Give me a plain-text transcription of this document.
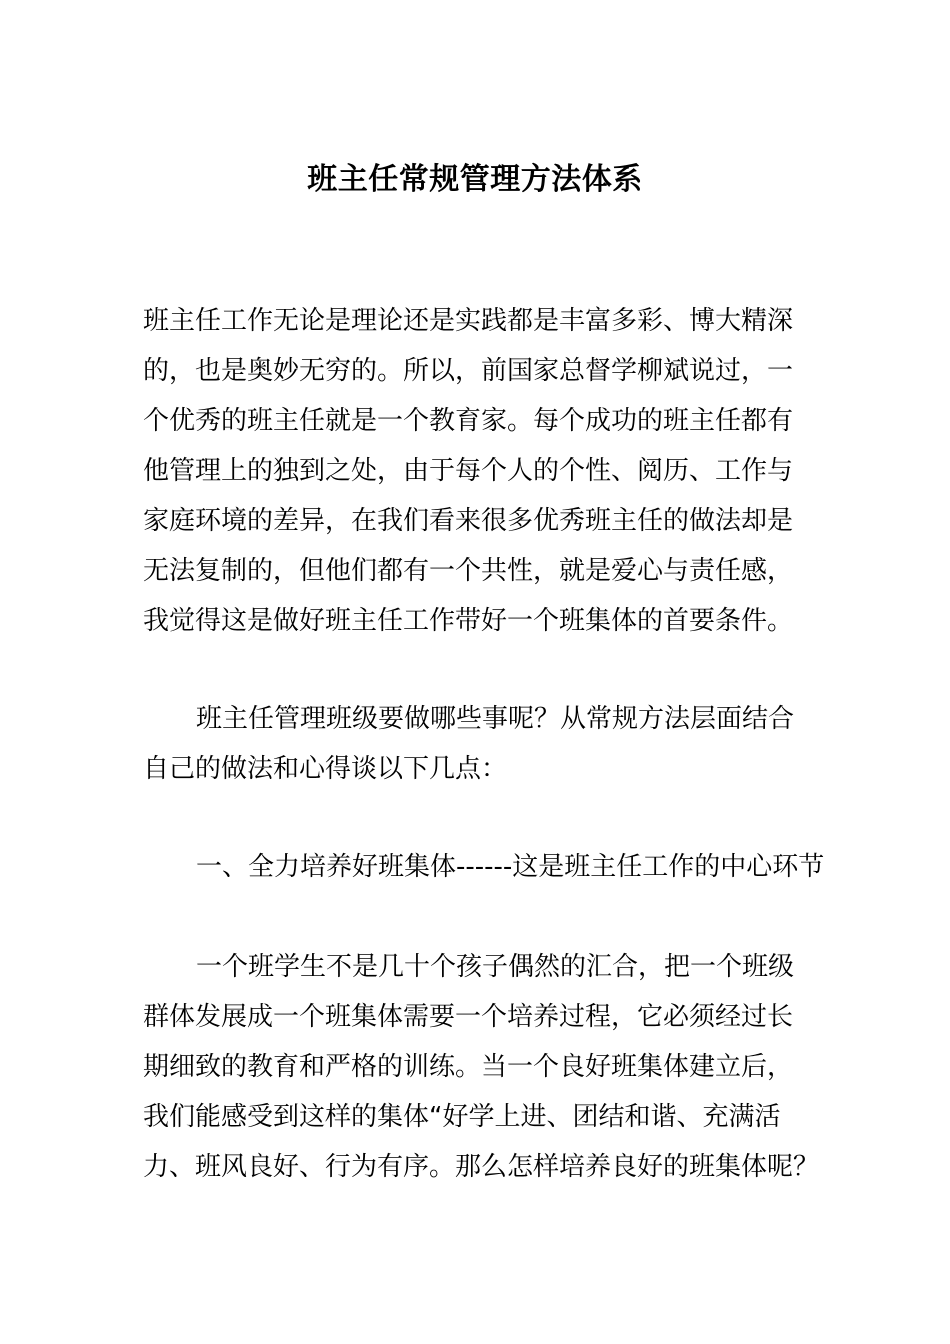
班主任常规管理方法体系

班主任工作无论是理论还是实践都是丰富多彩、博大精深
的，也是奥妙无穷的。所以，前国家总督学柳斌说过，一
个优秀的班主任就是一个教育家。每个成功的班主任都有
他管理上的独到之处，由于每个人的个性、阅历、工作与
家庭环境的差异，在我们看来很多优秀班主任的做法却是
无法复制的，但他们都有一个共性，就是爱心与责任感，
我觉得这是做好班主任工作带好一个班集体的首要条件。

班主任管理班级要做哪些事呢？从常规方法层面结合
自己的做法和心得谈以下几点：

一、全力培养好班集体------这是班主任工作的中心环节

一个班学生不是几十个孩子偶然的汇合，把一个班级
群体发展成一个班集体需要一个培养过程，它必须经过长
期细致的教育和严格的训练。当一个良好班集体建立后，
我们能感受到这样的集体“好学上进、团结和谐、充满活
力、班风良好、行为有序。那么怎样培养良好的班集体呢？
